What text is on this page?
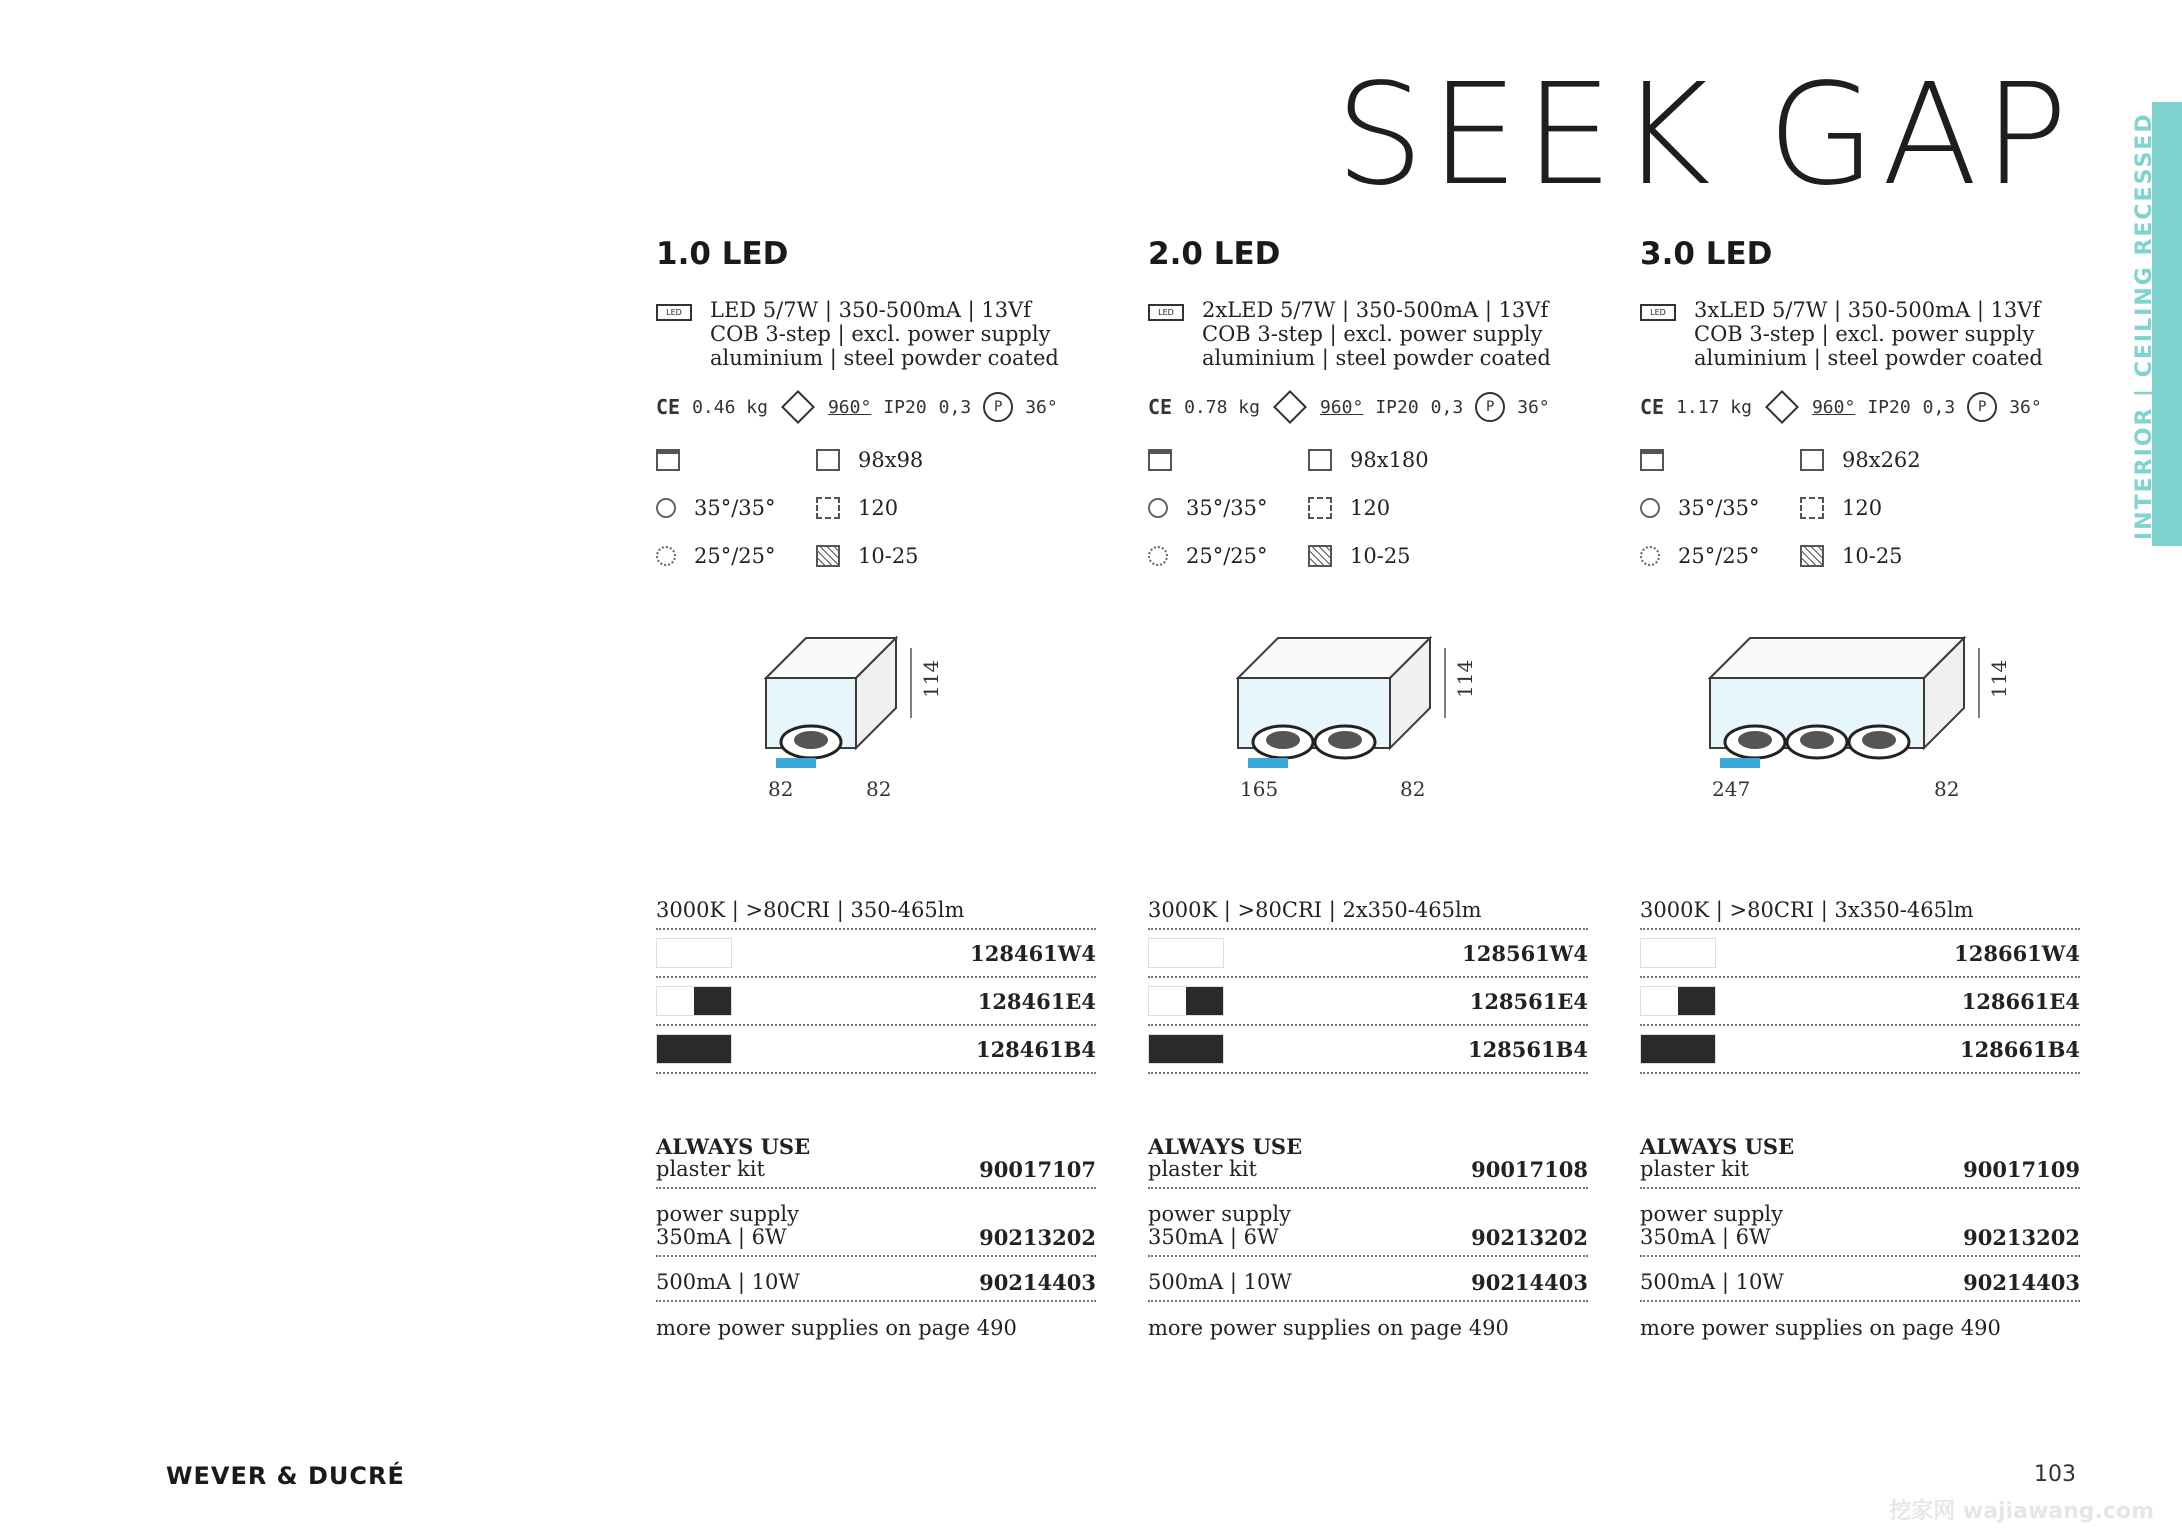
SEEK GAP	INTERIOR | CEILING RECESSED
1.0 LED
LED	LED 5/7W | 350-500mA | 13Vf
COB 3-step | excl. power supply
aluminium | steel powder coated
CE 0.46 kg	960° IP20 0,3	P	36°
98x98
35°/35°	120
25°/25°	10-25
82	82
114
3000K | >80CRI | 350-465lm
128461W4
128461E4
128461B4
ALWAYS USE
plaster kit	90017107
power supply
350mA | 6W	90213202
500mA | 10W	90214403
more power supplies on page 490
2.0 LED
LED	2xLED 5/7W | 350-500mA | 13Vf
COB 3-step | excl. power supply
aluminium | steel powder coated
CE 0.78 kg	960° IP20 0,3	P	36°
98x180
35°/35°	120
25°/25°	10-25
165	82
114
3000K | >80CRI | 2x350-465lm
128561W4
128561E4
128561B4
ALWAYS USE
plaster kit	90017108
power supply
350mA | 6W	90213202
500mA | 10W	90214403
more power supplies on page 490
3.0 LED
LED	3xLED 5/7W | 350-500mA | 13Vf
COB 3-step | excl. power supply
aluminium | steel powder coated
CE 1.17 kg	960° IP20 0,3	P	36°
98x262
35°/35°	120
25°/25°	10-25
247	82
114
3000K | >80CRI | 3x350-465lm
128661W4
128661E4
128661B4
ALWAYS USE
plaster kit	90017109
power supply
350mA | 6W	90213202
500mA | 10W	90214403
more power supplies on page 490
WEVER & DUCRÉ	103
挖家网 wajiawang.com
